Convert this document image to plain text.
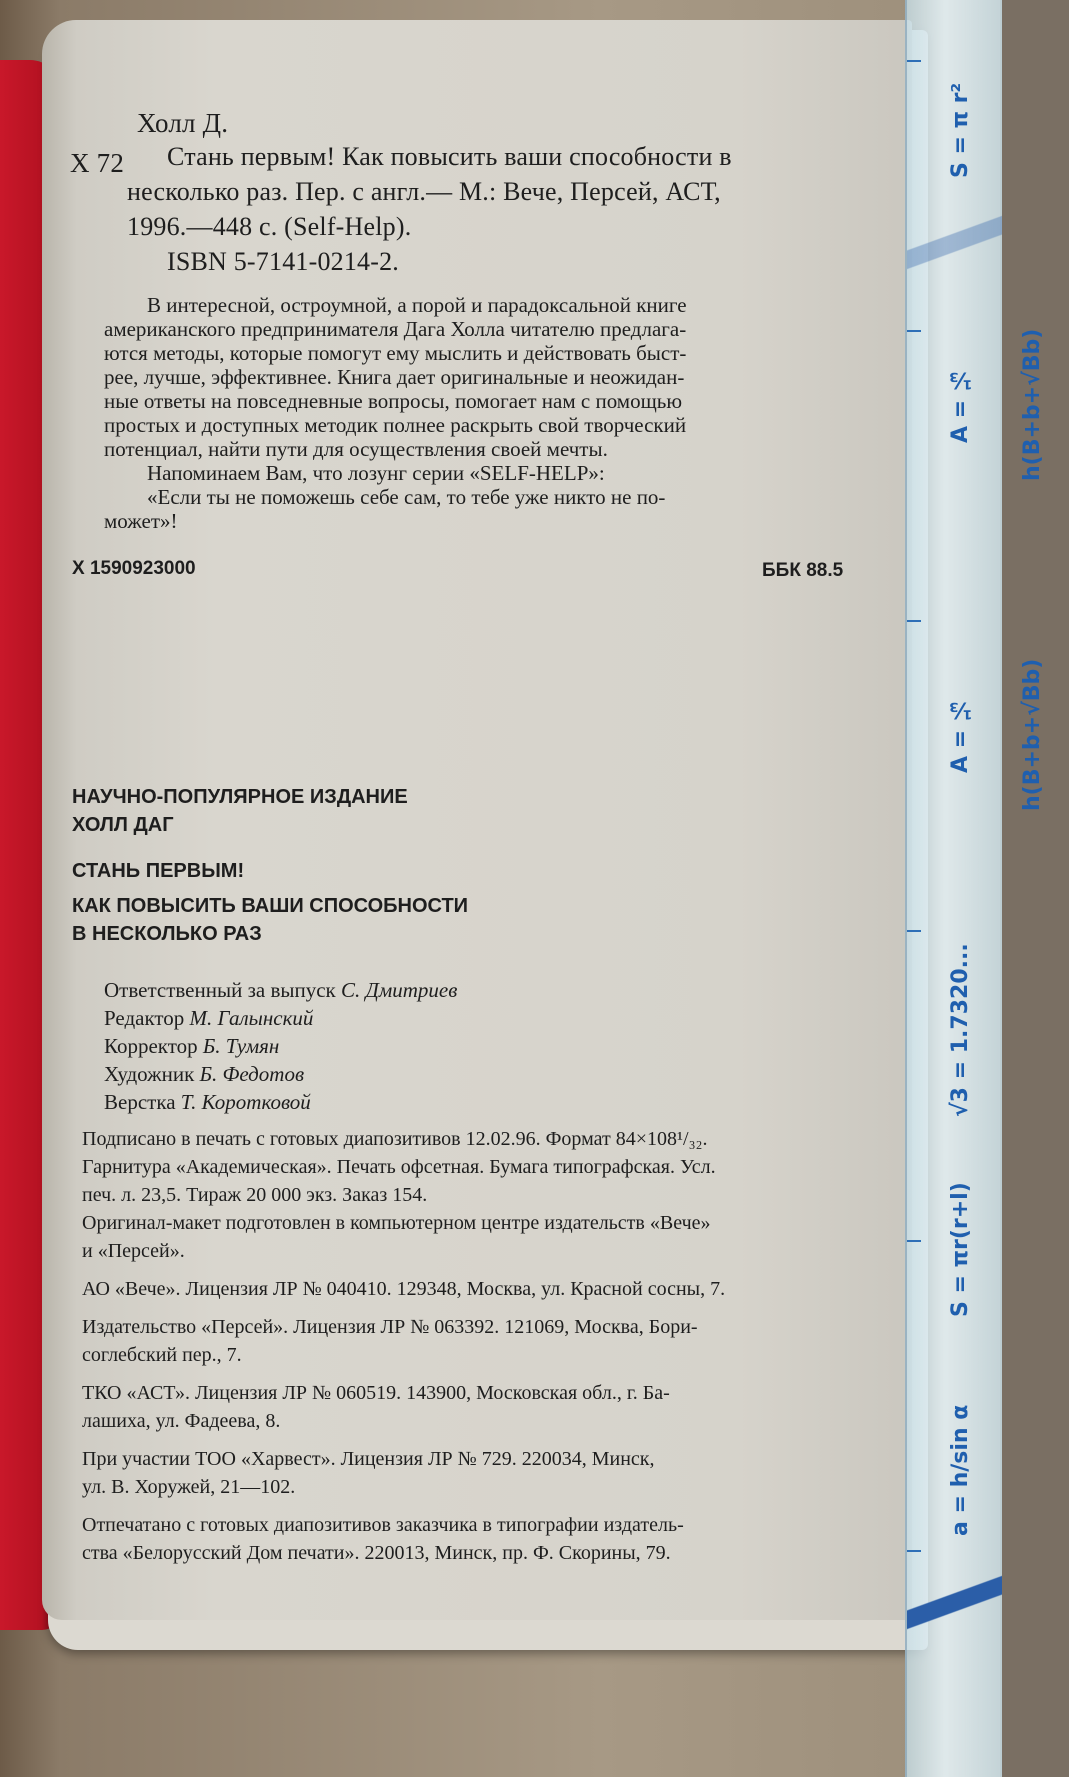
Холл Д.
Х 72 Стань первым! Как повысить ваши способности в
несколько раз. Пер. с англ.— М.: Вече, Персей, АСТ,
1996.—448 с. (Self-Help).
ISBN 5-7141-0214-2.
В интересной, остроумной, а порой и парадоксальной книге
американского предпринимателя Дага Холла читателю предлага-
ются методы, которые помогут ему мыслить и действовать быст-
рее, лучше, эффективнее. Книга дает оригинальные и неожидан-
ные ответы на повседневные вопросы, помогает нам с помощью
простых и доступных методик полнее раскрыть свой творческий
потенциал, найти пути для осуществления своей мечты.
Напоминаем Вам, что лозунг серии «SELF-HELP»:
«Если ты не поможешь себе сам, то тебе уже никто не по-
может»!
Х 1590923000	ББК 88.5
НАУЧНО-ПОПУЛЯРНОЕ ИЗДАНИЕ
ХОЛЛ ДАГ
СТАНЬ ПЕРВЫМ!
КАК ПОВЫСИТЬ ВАШИ СПОСОБНОСТИ
В НЕСКОЛЬКО РАЗ
Ответственный за выпуск С. Дмитриев
Редактор М. Галынский
Корректор Б. Тумян
Художник Б. Федотов
Верстка Т. Коротковой
Подписано в печать с готовых диапозитивов 12.02.96. Формат 84×108¹/₃₂.
Гарнитура «Академическая». Печать офсетная. Бумага типографская. Усл.
печ. л. 23,5. Тираж 20 000 экз. Заказ 154.
Оригинал-макет подготовлен в компьютерном центре издательств «Вече»
и «Персей».
АО «Вече». Лицензия ЛР № 040410. 129348, Москва, ул. Красной сосны, 7.
Издательство «Персей». Лицензия ЛР № 063392. 121069, Москва, Бори-
соглебский пер., 7.
ТКО «АСТ». Лицензия ЛР № 060519. 143900, Московская обл., г. Ба-
лашиха, ул. Фадеева, 8.
При участии ТОО «Харвест». Лицензия ЛР № 729. 220034, Минск,
ул. В. Хоружей, 21—102.
Отпечатано с готовых диапозитивов заказчика в типографии издатель-
ства «Белорусский Дом печати». 220013, Минск, пр. Ф. Скорины, 79.
S = π r²
A = ⅓ h(B+b+√Bb)
A = ⅓ h(B+b+√Bb)
√3 = 1.7320...
S = πr(r+l)
a = h/sin α
